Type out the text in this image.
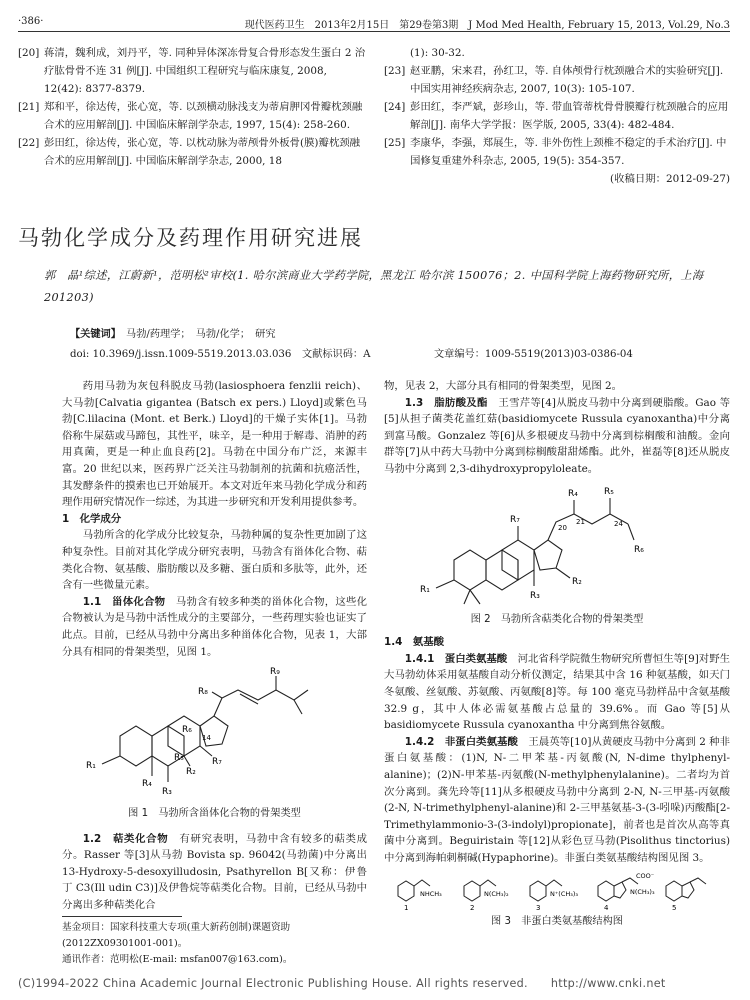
·386·	现代医药卫生　2013年2月15日　第29卷第3期　J Mod Med Health, February 15, 2013, Vol.29, No.3
[20] 蒋清，魏利成，刘丹平，等. 同种异体深冻骨复合骨形态发生蛋白 2 治疗肱骨骨不连 31 例[J]. 中国组织工程研究与临床康复, 2008, 12(42): 8377-8379.
[21] 郑和平，徐达传，张心宽，等. 以颈横动脉浅支为蒂肩胛冈骨瓣枕颈融合术的应用解剖[J]. 中国临床解剖学杂志, 1997, 15(4): 258-260.
[22] 彭田红，徐达传，张心宽，等. 以枕动脉为蒂颅骨外板骨(膜)瓣枕颈融合术的应用解剖[J]. 中国临床解剖学杂志, 2000, 18
(1): 30-32.
[23] 赵亚鹏，宋来君，孙红卫，等. 自体颅骨行枕颈融合术的实验研究[J]. 中国实用神经疾病杂志, 2007, 10(3): 105-107.
[24] 彭田红，李严斌，彭珍山，等. 带血管蒂枕骨骨膜瓣行枕颈融合的应用解剖[J]. 南华大学学报：医学版, 2005, 33(4): 482-484.
[25] 李康华，李强，郑展生，等. 非外伤性上颈椎不稳定的手术治疗[J]. 中国修复重建外科杂志, 2005, 19(5): 354-357.
(收稿日期：2012-09-27)
马勃化学成分及药理作用研究进展
郭　晶¹综述，江蔚新¹，范明松²审校(1. 哈尔滨商业大学药学院，黑龙江 哈尔滨 150076；2. 中国科学院上海药物研究所，上海 201203)
【关键词】　 马勃/药理学；　马勃/化学；　研究
doi: 10.3969/j.issn.1009-5519.2013.03.036 文献标识码：A	文章编号：1009-5519(2013)03-0386-04

药用马勃为灰包科脱皮马勃(lasiosphoera fenzlii reich)、大马勃[Calvatia gigantea (Batsch ex pers.) Lloyd]或紫色马勃[C.lilacina (Mont. et Berk.) Lloyd]的干燥子实体[1]。马勃俗称牛屎菇或马蹄包，其性平，味辛，是一种用于解毒、消肿的药用真菌，更是一种止血良药[2]。马勃在中国分布广泛，来源丰富。20 世纪以来，医药界广泛关注马勃制剂的抗菌和抗癌活性，其发酵条件的摸索也已开始展开。本文对近年来马勃化学成分和药理作用研究情况作一综述，为其进一步研究和开发利用提供参考。

1　化学成分

马勃所含的化学成分比较复杂，马勃种属的复杂性更加剧了这种复杂性。目前对其化学成分研究表明，马勃含有甾体化合物、萜类化合物、氨基酸、脂肪酸以及多糖、蛋白质和多肽等，此外，还含有一些微量元素。

1.1　甾体化合物　马勃含有较多种类的甾体化合物，这些化合物被认为是马勃中活性成分的主要部分，一些药理实验也证实了此点。目前，已经从马勃中分离出多种甾体化合物，见表 1，大部分具有相同的骨架类型，见图 1。

R₁
R₂
R₃
R₄
R₅
R₆
R₇
R₈
R₉
14
图 1　马勃所含甾体化合物的骨架类型

1.2　萜类化合物　有研究表明，马勃中含有较多的萜类成分。Rasser 等[3]从马勃 Bovista sp. 96042(马勃菌)中分离出 13-Hydroxy-5-desoxyilludosin, Psathyrellon B[又称：伊鲁丁 C3(Ill udin C3)]及伊鲁烷等萜类化合物。目前，已经从马勃中分离出多种萜类化合

基金项目：国家科技重大专项(重大新药创制)课题资助(2012ZX09301001-001)。
通讯作者：范明松(E-mail: msfan007@163.com)。

物，见表 2，大部分具有相同的骨架类型，见图 2。

1.3　脂肪酸及酯　王雪芹等[4]从脱皮马勃中分离到硬脂酸。Gao 等[5]从担子菌类花盖红菇(basidiomycete Russula cyanoxantha)中分离到富马酸。Gonzalez 等[6]从多根硬皮马勃中分离到棕榈酸和油酸。金向群等[7]从中药大马勃中分离到棕榈酸甜甜烯酯。此外，崔磊等[8]还从脱皮马勃中分离到 2,3-dihydroxypropyloleate。

R₁
R₂
R₃
R₄	R₅
R₆
R₇
20
21	24
图 2　马勃所含萜类化合物的骨架类型

1.4　氨基酸

1.4.1　蛋白类氨基酸　河北省科学院微生物研究所曹恒生等[9]对野生大马勃幼体采用氨基酸自动分析仪测定，结果其中含 16 种氨基酸，如天门冬氨酸、丝氨酸、苏氨酸、丙氨酸[8]等。每 100 毫克马勃样品中含氨基酸 32.9 g，其中人体必需氨基酸占总量的 39.6%。而 Gao 等[5]从 basidiomycete Russula cyanoxantha 中分离到焦谷氨酸。

1.4.2　非蛋白类氨基酸　王晨英等[10]从黄硬皮马勃中分离到 2 种非蛋白氨基酸：(1)N, N-二甲苯基-丙氨酸(N, N-dime thylphenyl-alanine)；(2)N-甲苯基-丙氨酸(N-methylphenylalanine)。二者均为首次分离到。龚先玲等[11]从多根硬皮马勃中分离到 2-N, N-三甲基-丙氨酸(2-N, N-trimethylphenyl-alanine)和 2-三甲基氨基-3-(3-吲哚)丙酸酯[2-Trimethylammonio-3-(3-indolyl)propionate]，前者也是首次从高等真菌中分离到。Beguiristain 等[12]从彩色豆马勃(Pisolithus tinctorius)中分离到海帕刺桐碱(Hypaphorine)。非蛋白类氨基酸结构图见图 3。

1
NHCH₃
2
N(CH₃)₂
3
N⁺(CH₃)₃
4
COO⁻
N(CH₃)₃
5
图 3　非蛋白类氨基酸结构图
(C)1994-2022 China Academic Journal Electronic Publishing House. All rights reserved.　　http://www.cnki.net
